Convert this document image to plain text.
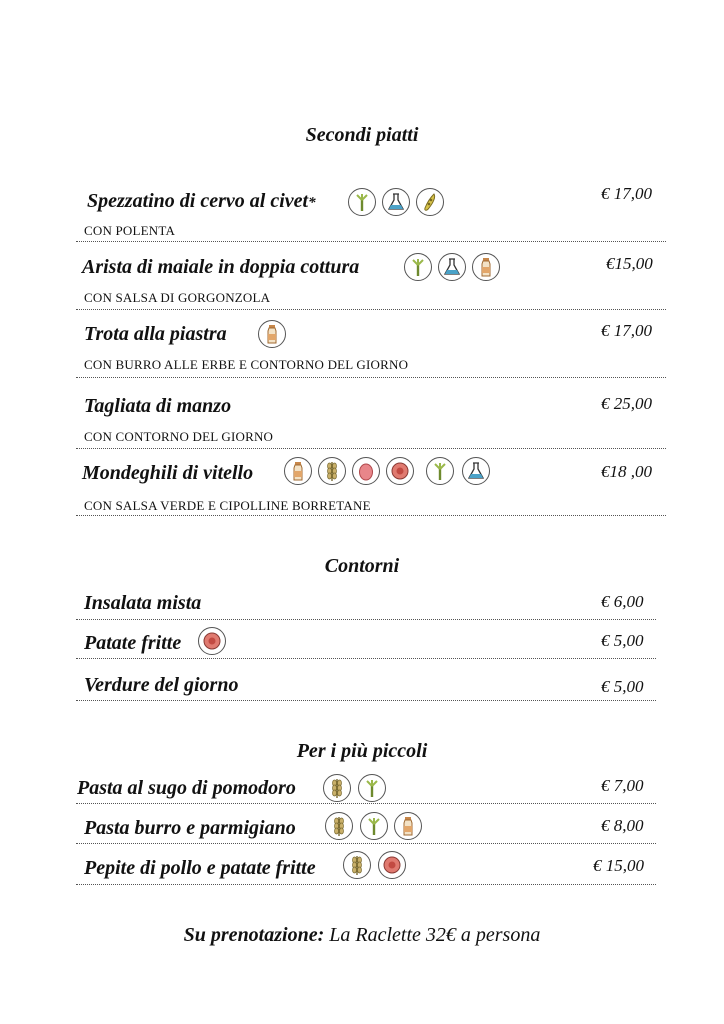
Secondi piatti
Spezzatino di cervo al civet*	€ 17,00
CON POLENTA
Arista di maiale in doppia cottura	€15,00
CON SALSA DI GORGONZOLA
Trota alla piastra	€ 17,00
CON BURRO ALLE ERBE E CONTORNO DEL GIORNO
Tagliata di manzo	€ 25,00
CON CONTORNO DEL GIORNO
Mondeghili di vitello	€18 ,00
CON SALSA VERDE E CIPOLLINE BORRETANE
Contorni
Insalata mista	€ 6,00
Patate fritte	€ 5,00
Verdure del giorno	€ 5,00
Per i più piccoli
Pasta al sugo di pomodoro	€ 7,00
Pasta burro e parmigiano	€ 8,00
Pepite di pollo e patate fritte	€ 15,00
Su prenotazione: La Raclette 32€ a persona
